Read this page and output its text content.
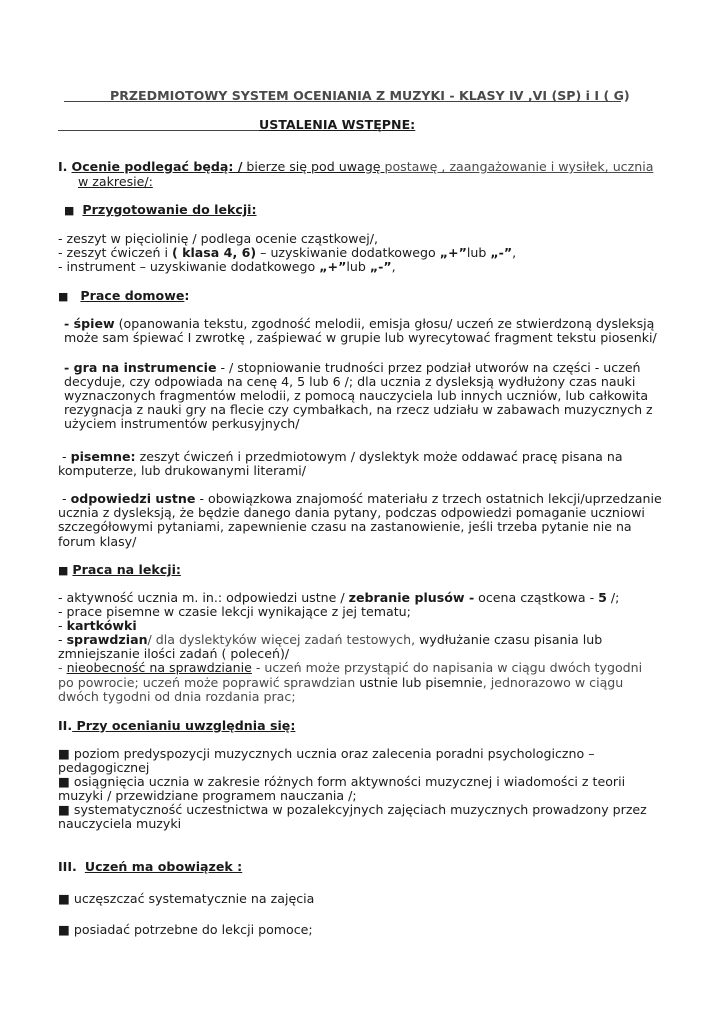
PRZEDMIOTOWY SYSTEM OCENIANIA Z MUZYKI - KLASY IV ,VI (SP) i I ( G)
USTALENIA WSTĘPNE:
I. Ocenie podlegać będą: / bierze się pod uwagę postawę , zaangażowanie i wysiłek, ucznia
w zakresie/:
■ Przygotowanie do lekcji:
- zeszyt w pięciolinię / podlega ocenie cząstkowej/,
- zeszyt ćwiczeń i ( klasa 4, 6) – uzyskiwanie dodatkowego „+”lub „-”,
- instrument – uzyskiwanie dodatkowego „+”lub „-”,
■ Prace domowe:
- śpiew (opanowania tekstu, zgodność melodii, emisja głosu/ uczeń ze stwierdzoną dysleksją
może sam śpiewać I zwrotkę , zaśpiewać w grupie lub wyrecytować fragment tekstu piosenki/
- gra na instrumencie - / stopniowanie trudności przez podział utworów na części - uczeń
decyduje, czy odpowiada na cenę 4, 5 lub 6 /; dla ucznia z dysleksją wydłużony czas nauki
wyznaczonych fragmentów melodii, z pomocą nauczyciela lub innych uczniów, lub całkowita
rezygnacja z nauki gry na flecie czy cymbałkach, na rzecz udziału w zabawach muzycznych z
użyciem instrumentów perkusyjnych/
- pisemne: zeszyt ćwiczeń i przedmiotowym / dyslektyk może oddawać pracę pisana na
komputerze, lub drukowanymi literami/
- odpowiedzi ustne - obowiązkowa znajomość materiału z trzech ostatnich lekcji/uprzedzanie
ucznia z dysleksją, że będzie danego dania pytany, podczas odpowiedzi pomaganie uczniowi
szczegółowymi pytaniami, zapewnienie czasu na zastanowienie, jeśli trzeba pytanie nie na
forum klasy/
■ Praca na lekcji:
- aktywność ucznia m. in.: odpowiedzi ustne / zebranie plusów - ocena cząstkowa - 5 /;
- prace pisemne w czasie lekcji wynikające z jej tematu;
- kartkówki
- sprawdzian/ dla dyslektyków więcej zadań testowych, wydłużanie czasu pisania lub
zmniejszanie ilości zadań ( poleceń)/
- nieobecność na sprawdzianie - uczeń może przystąpić do napisania w ciągu dwóch tygodni
po powrocie; uczeń może poprawić sprawdzian ustnie lub pisemnie, jednorazowo w ciągu
dwóch tygodni od dnia rozdania prac;
II. Przy ocenianiu uwzględnia się:
■ poziom predyspozycji muzycznych ucznia oraz zalecenia poradni psychologiczno –
pedagogicznej
■ osiągnięcia ucznia w zakresie różnych form aktywności muzycznej i wiadomości z teorii
muzyki / przewidziane programem nauczania /;
■ systematyczność uczestnictwa w pozalekcyjnych zajęciach muzycznych prowadzony przez
nauczyciela muzyki
III. Uczeń ma obowiązek :
■ uczęszczać systematycznie na zajęcia
■ posiadać potrzebne do lekcji pomoce;
